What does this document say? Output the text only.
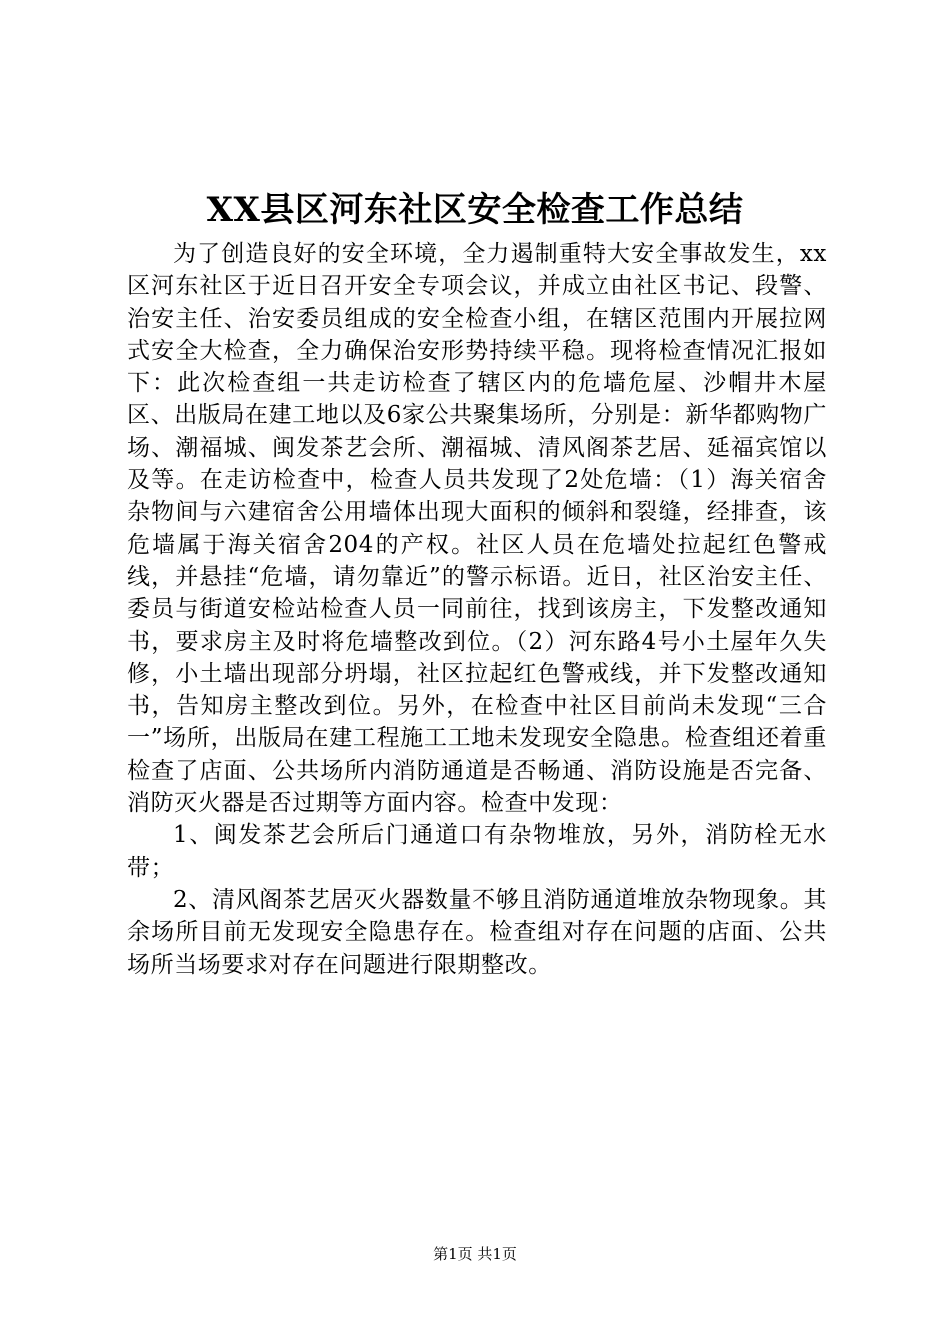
XX县区河东社区安全检查工作总结

为了创造良好的安全环境，全力遏制重特大安全事故发生，xx区河东社区于近日召开安全专项会议，并成立由社区书记、段警、治安主任、治安委员组成的安全检查小组，在辖区范围内开展拉网式安全大检查，全力确保治安形势持续平稳。现将检查情况汇报如下：此次检查组一共走访检查了辖区内的危墙危屋、沙帽井木屋区、出版局在建工地以及6家公共聚集场所，分别是：新华都购物广场、潮福城、闽发茶艺会所、潮福城、清风阁茶艺居、延福宾馆以及等。在走访检查中，检查人员共发现了2处危墙：（1）海关宿舍杂物间与六建宿舍公用墙体出现大面积的倾斜和裂缝，经排查，该危墙属于海关宿舍204的产权。社区人员在危墙处拉起红色警戒线，并悬挂“危墙，请勿靠近”的警示标语。近日，社区治安主任、委员与街道安检站检查人员一同前往，找到该房主，下发整改通知书，要求房主及时将危墙整改到位。（2）河东路4号小土屋年久失修，小土墙出现部分坍塌，社区拉起红色警戒线，并下发整改通知书，告知房主整改到位。另外，在检查中社区目前尚未发现“三合一”场所，出版局在建工程施工工地未发现安全隐患。检查组还着重检查了店面、公共场所内消防通道是否畅通、消防设施是否完备、消防灭火器是否过期等方面内容。检查中发现：

1、闽发茶艺会所后门通道口有杂物堆放，另外，消防栓无水带；

2、清风阁茶艺居灭火器数量不够且消防通道堆放杂物现象。其余场所目前无发现安全隐患存在。检查组对存在问题的店面、公共场所当场要求对存在问题进行限期整改。

第1页 共1页
